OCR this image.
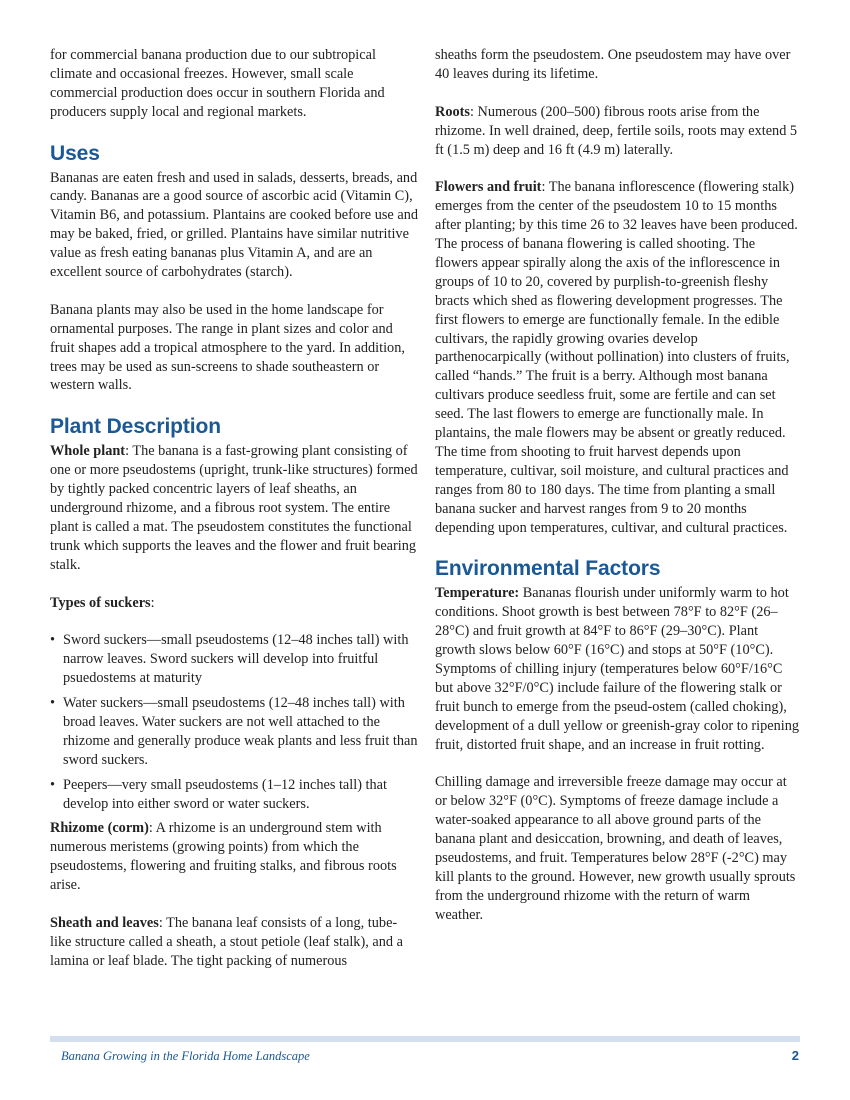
for commercial banana production due to our subtropical climate and occasional freezes. However, small scale commercial production does occur in southern Florida and producers supply local and regional markets.

Uses

Bananas are eaten fresh and used in salads, desserts, breads, and candy. Bananas are a good source of ascorbic acid (Vitamin C), Vitamin B6, and potassium. Plantains are cooked before use and may be baked, fried, or grilled. Plantains have similar nutritive value as fresh eating bananas plus Vitamin A, and are an excellent source of carbohydrates (starch).

Banana plants may also be used in the home landscape for ornamental purposes. The range in plant sizes and color and fruit shapes add a tropical atmosphere to the yard. In addition, trees may be used as sun-screens to shade southeastern or western walls.

Plant Description

Whole plant: The banana is a fast-growing plant consisting of one or more pseudostems (upright, trunk-like structures) formed by tightly packed concentric layers of leaf sheaths, an underground rhizome, and a fibrous root system. The entire plant is called a mat. The pseudostem constitutes the functional trunk which supports the leaves and the flower and fruit bearing stalk.

Types of suckers:

• Sword suckers—small pseudostems (12–48 inches tall) with narrow leaves. Sword suckers will develop into fruitful psuedostems at maturity
• Water suckers—small pseudostems (12–48 inches tall) with broad leaves. Water suckers are not well attached to the rhizome and generally produce weak plants and less fruit than sword suckers.
• Peepers—very small pseudostems (1–12 inches tall) that develop into either sword or water suckers.

Rhizome (corm): A rhizome is an underground stem with numerous meristems (growing points) from which the pseudostems, flowering and fruiting stalks, and fibrous roots arise.

Sheath and leaves: The banana leaf consists of a long, tube-like structure called a sheath, a stout petiole (leaf stalk), and a lamina or leaf blade. The tight packing of numerous

sheaths form the pseudostem. One pseudostem may have over 40 leaves during its lifetime.

Roots: Numerous (200–500) fibrous roots arise from the rhizome. In well drained, deep, fertile soils, roots may extend 5 ft (1.5 m) deep and 16 ft (4.9 m) laterally.

Flowers and fruit: The banana inflorescence (flowering stalk) emerges from the center of the pseudostem 10 to 15 months after planting; by this time 26 to 32 leaves have been produced. The process of banana flowering is called shooting. The flowers appear spirally along the axis of the inflorescence in groups of 10 to 20, covered by purplish-to-greenish fleshy bracts which shed as flowering development progresses. The first flowers to emerge are functionally female. In the edible cultivars, the rapidly growing ovaries develop parthenocarpically (without pollination) into clusters of fruits, called “hands.” The fruit is a berry. Although most banana cultivars produce seedless fruit, some are fertile and can set seed. The last flowers to emerge are functionally male. In plantains, the male flowers may be absent or greatly reduced. The time from shooting to fruit harvest depends upon temperature, cultivar, soil moisture, and cultural practices and ranges from 80 to 180 days. The time from planting a small banana sucker and harvest ranges from 9 to 20 months depending upon temperatures, cultivar, and cultural practices.

Environmental Factors

Temperature: Bananas flourish under uniformly warm to hot conditions. Shoot growth is best between 78°F to 82°F (26–28°C) and fruit growth at 84°F to 86°F (29–30°C). Plant growth slows below 60°F (16°C) and stops at 50°F (10°C). Symptoms of chilling injury (temperatures below 60°F/16°C but above 32°F/0°C) include failure of the flowering stalk or fruit bunch to emerge from the pseud-ostem (called choking), development of a dull yellow or greenish-gray color to ripening fruit, distorted fruit shape, and an increase in fruit rotting.

Chilling damage and irreversible freeze damage may occur at or below 32°F (0°C). Symptoms of freeze damage include a water-soaked appearance to all above ground parts of the banana plant and desiccation, browning, and death of leaves, pseudostems, and fruit. Temperatures below 28°F (-2°C) may kill plants to the ground. However, new growth usually sprouts from the underground rhizome with the return of warm weather.

Banana Growing in the Florida Home Landscape	2
